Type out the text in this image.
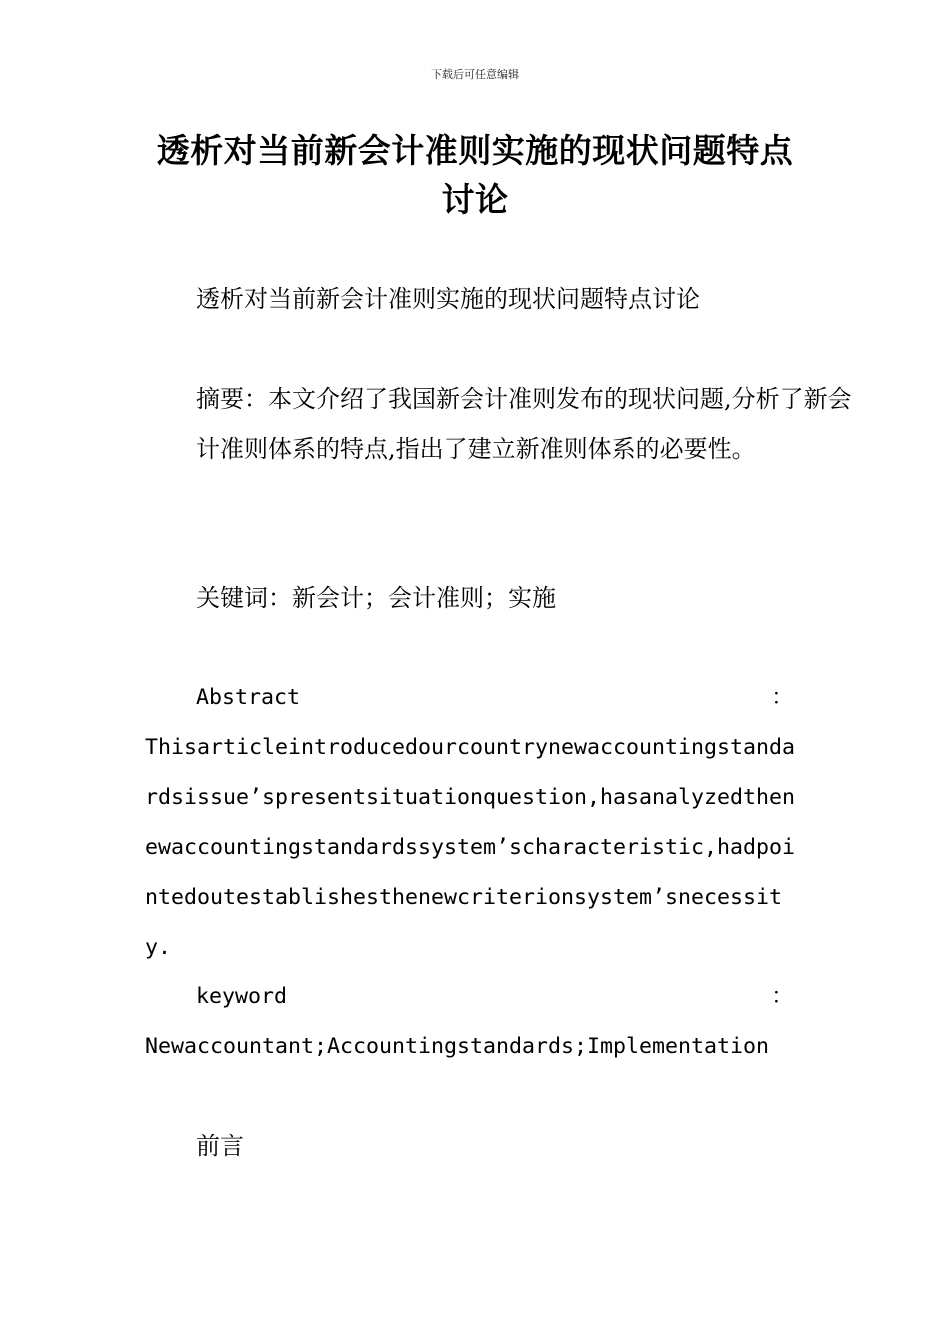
下载后可任意编辑
透析对当前新会计准则实施的现状问题特点讨论
透析对当前新会计准则实施的现状问题特点讨论
摘要：本文介绍了我国新会计准则发布的现状问题,分析了新会计准则体系的特点,指出了建立新准则体系的必要性。
关键词：新会计；会计准则；实施
Abstract	：
Thisarticleintroducedourcountrynewaccountingstandardsissue’spresentsituationquestion,hasanalyzedthenewaccountingstandardssystem’scharacteristic,hadpointedoutestablishesthenewcriterionsystem’snecessity.
keyword	：
Newaccountant;Accountingstandards;Implementation
前言
